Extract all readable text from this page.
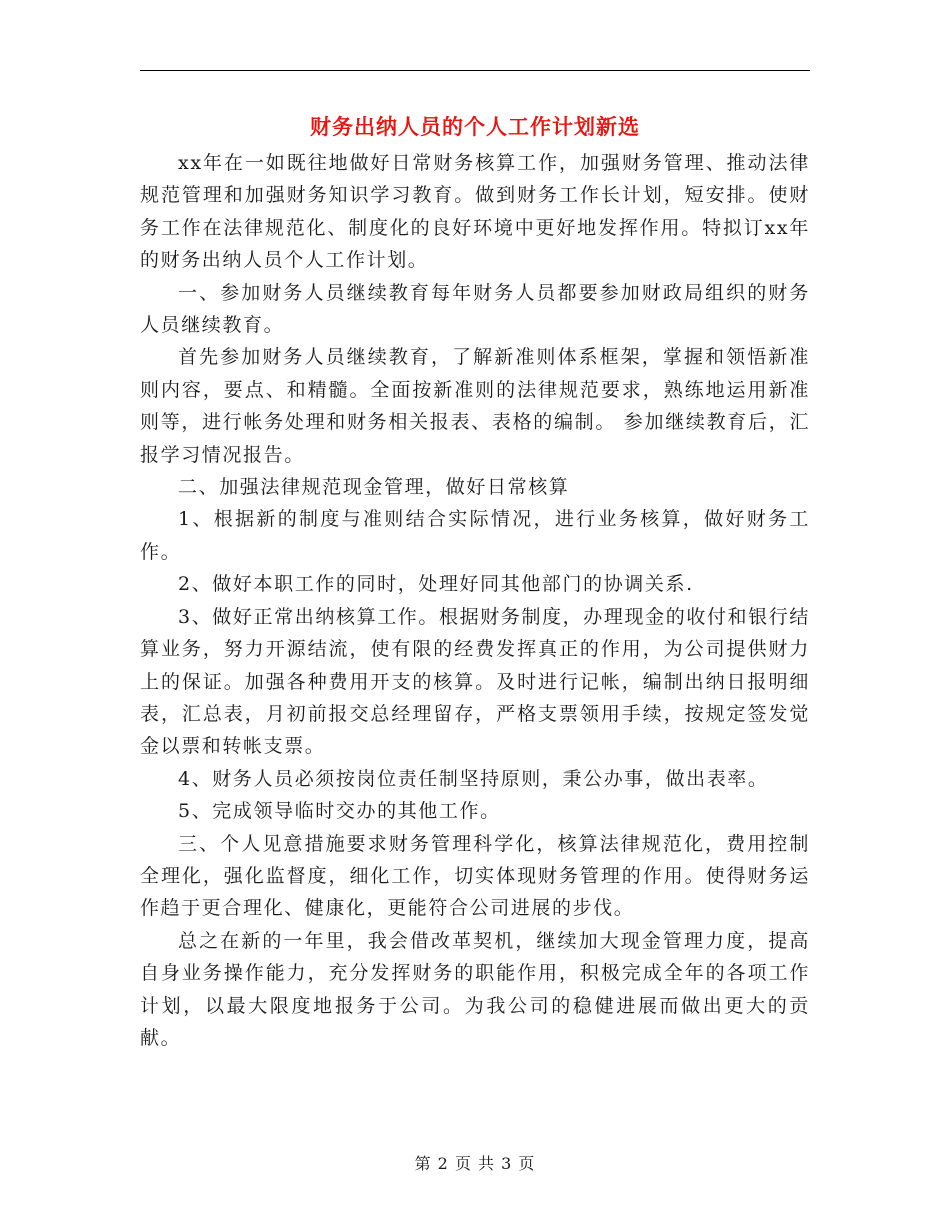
财务出纳人员的个人工作计划新选

xx年在一如既往地做好日常财务核算工作，加强财务管理、推动法律规范管理和加强财务知识学习教育。做到财务工作长计划，短安排。使财务工作在法律规范化、制度化的良好环境中更好地发挥作用。特拟订xx年的财务出纳人员个人工作计划。

一、参加财务人员继续教育每年财务人员都要参加财政局组织的财务人员继续教育。

首先参加财务人员继续教育，了解新准则体系框架，掌握和领悟新准则内容，要点、和精髓。全面按新准则的法律规范要求，熟练地运用新准则等，进行帐务处理和财务相关报表、表格的编制。 参加继续教育后，汇报学习情况报告。

二、加强法律规范现金管理，做好日常核算

1、根据新的制度与准则结合实际情况，进行业务核算，做好财务工作。

2、做好本职工作的同时，处理好同其他部门的协调关系.

3、做好正常出纳核算工作。根据财务制度，办理现金的收付和银行结算业务，努力开源结流，使有限的经费发挥真正的作用，为公司提供财力上的保证。加强各种费用开支的核算。及时进行记帐，编制出纳日报明细表，汇总表，月初前报交总经理留存，严格支票领用手续，按规定签发觉金以票和转帐支票。

4、财务人员必须按岗位责任制坚持原则，秉公办事，做出表率。

5、完成领导临时交办的其他工作。

三、个人见意措施要求财务管理科学化，核算法律规范化，费用控制全理化，强化监督度，细化工作，切实体现财务管理的作用。使得财务运作趋于更合理化、健康化，更能符合公司进展的步伐。

总之在新的一年里，我会借改革契机，继续加大现金管理力度，提高自身业务操作能力，充分发挥财务的职能作用，积极完成全年的各项工作计划，以最大限度地报务于公司。为我公司的稳健进展而做出更大的贡献。

第 2 页 共 3 页
